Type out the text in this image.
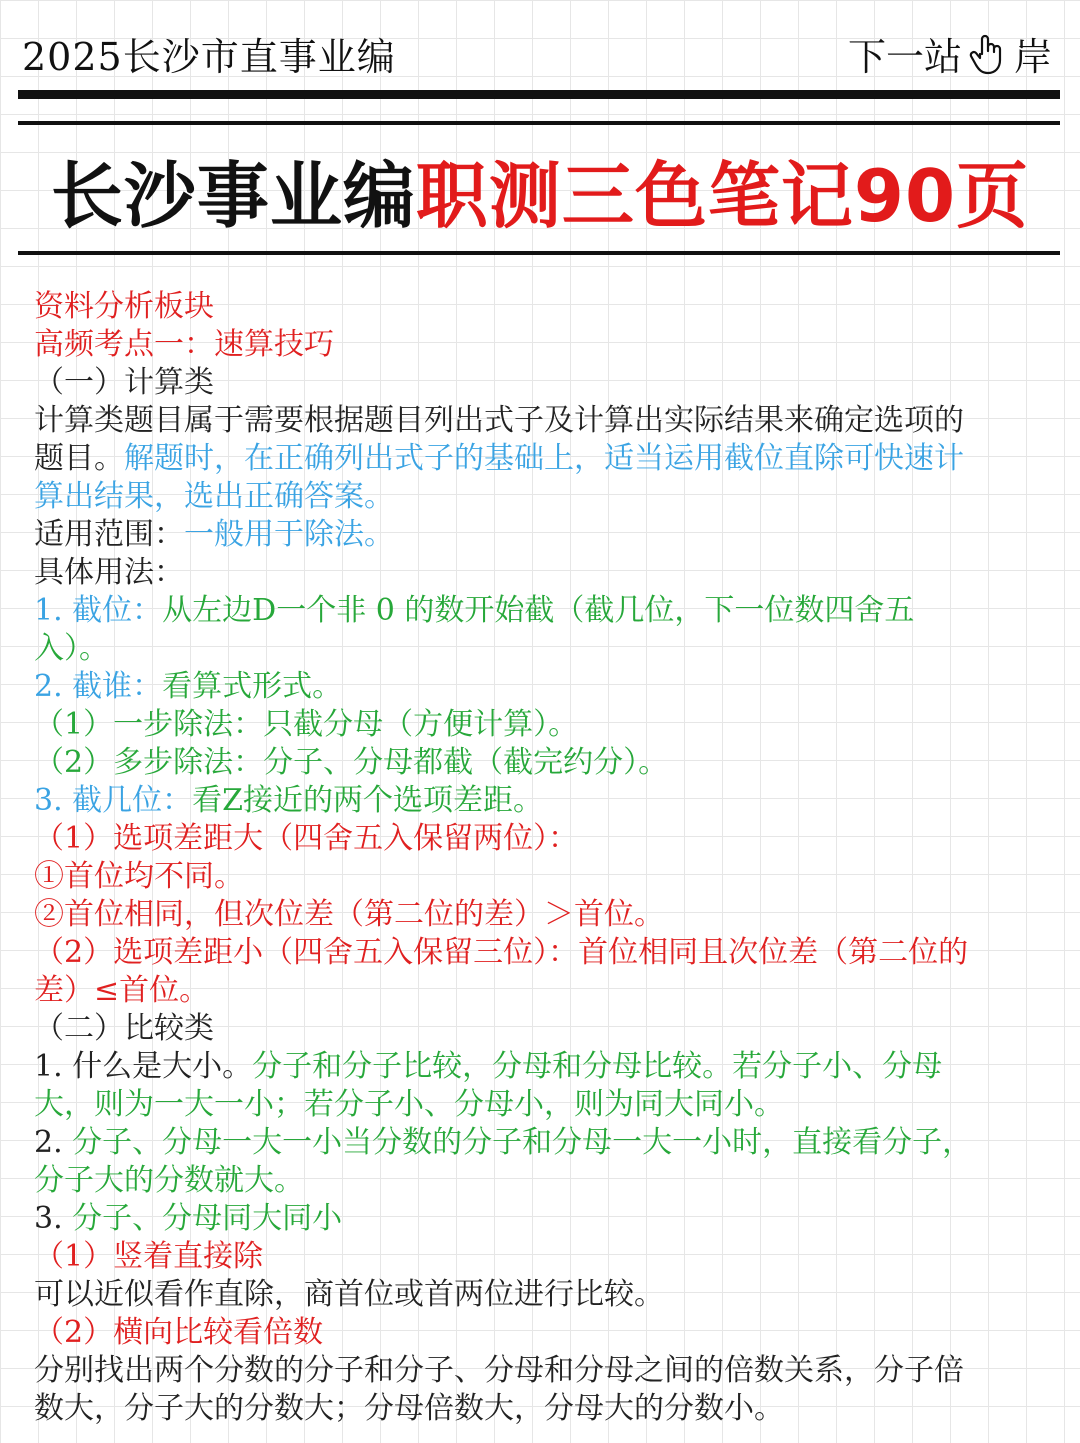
2025长沙市直事业编	下一站 岸
长沙事业编职测三色笔记90页
资料分析板块
高频考点一：速算技巧
（一）计算类
计算类题目属于需要根据题目列出式子及计算出实际结果来确定选项的
题目。解题时，在正确列出式子的基础上，适当运用截位直除可快速计
算出结果，选出正确答案。
适用范围：一般用于除法。
具体用法：
1. 截位：从左边D一个非 0 的数开始截（截几位，下一位数四舍五
入）。
2. 截谁：看算式形式。
（1）一步除法：只截分母（方便计算）。
（2）多步除法：分子、分母都截（截完约分）。
3. 截几位：看Z接近的两个选项差距。
（1）选项差距大（四舍五入保留两位）：
①首位均不同。
②首位相同，但次位差（第二位的差）＞首位。
（2）选项差距小（四舍五入保留三位）：首位相同且次位差（第二位的
差）≤首位。
（二）比较类
1. 什么是大小。分子和分子比较，分母和分母比较。若分子小、分母
大，则为一大一小；若分子小、分母小，则为同大同小。
2. 分子、分母一大一小当分数的分子和分母一大一小时，直接看分子，
分子大的分数就大。
3. 分子、分母同大同小
（1）竖着直接除
可以近似看作直除，商首位或首两位进行比较。
（2）横向比较看倍数
分别找出两个分数的分子和分子、分母和分母之间的倍数关系，分子倍
数大，分子大的分数大；分母倍数大，分母大的分数小。
